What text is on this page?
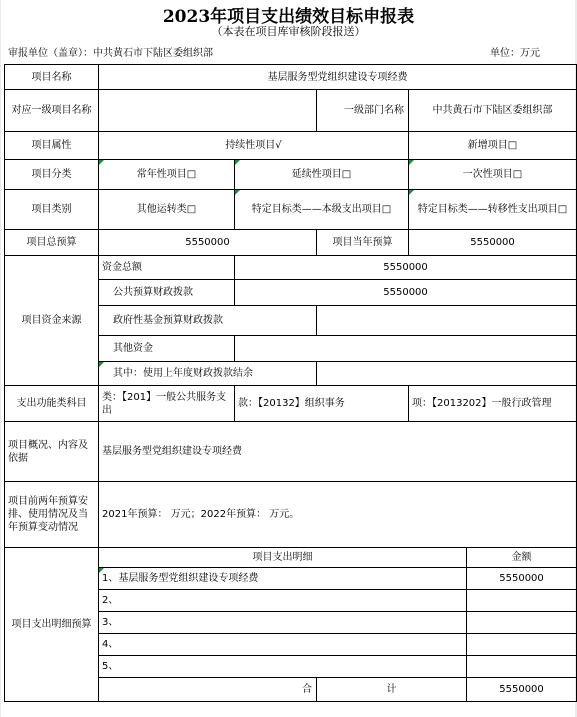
2023年项目支出绩效目标申报表
（本表在项目库审核阶段报送）
审报单位（盖章）：中共黄石市下陆区委组织部	单位：万元
项目名称	基层服务型党组织建设专项经费				
对应一级项目名称			一级部门名称	中共黄石市下陆区委组织部	
项目属性	持续性项目√			新增项目□	
项目分类	常年性项目□	延续性项目□		一次性项目□	
项目类别	其他运转类□	特定目标类——本级支出项目□		特定目标类——转移性支出项目□	
项目总预算	5550000		项目当年预算	5550000	
项目资金来源	资金总额	5550000			
	公共预算财政拨款	5550000			
	政府性基金预算财政拨款				
	其他资金				
	其中：使用上年度财政拨款结余				
支出功能类科目	类：【201】一般公共服务支出	款：【20132】组织事务		项：【2013202】一般行政管理	
项目概况、内容及依据	基层服务型党组织建设专项经费				
项目前两年预算安排、使用情况及当年预算变动情况	2021年预算： 万元；2022年预算： 万元。				
项目支出明细预算	项目支出明细				金额
	1、基层服务型党组织建设专项经费				5550000
	2、				
	3、				
	4、				
	5、				
	合		计		5550000
